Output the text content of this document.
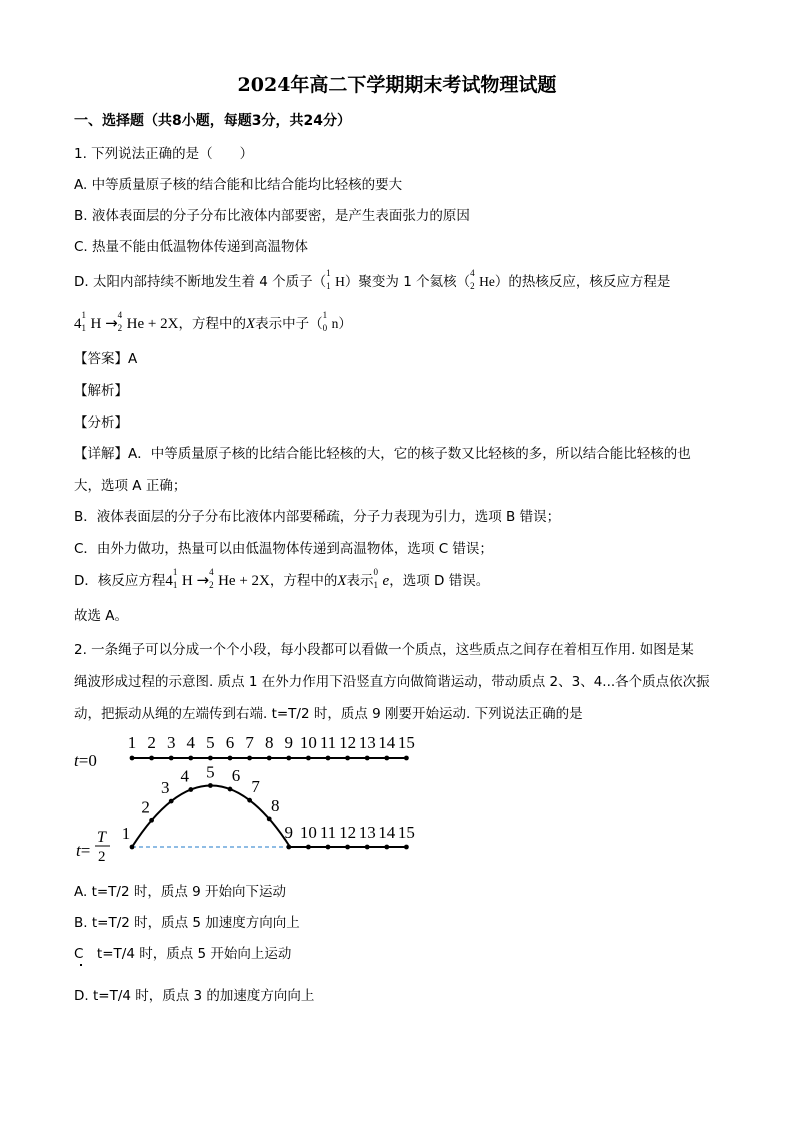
2024年高二下学期期末考试物理试题
一、选择题（共8小题，每题3分，共24分）
1. 下列说法正确的是（　　）
A. 中等质量原子核的结合能和比结合能均比轻核的要大
B. 液体表面层的分子分布比液体内部要密，是产生表面张力的原因
C. 热量不能由低温物体传递到高温物体
D. 太阳内部持续不断地发生着 4 个质子（
1
1 H）聚变为 1 个氦核（
4
2 He）的热核反应，核反应方程是
4
1
1 H → 4
2 He + 2X，方程中的X表示中子（
1
0 n）
【答案】A
【解析】
【分析】
【详解】A．中等质量原子核的比结合能比轻核的大，它的核子数又比轻核的多，所以结合能比轻核的也
大，选项 A 正确；
B．液体表面层的分子分布比液体内部要稀疏，分子力表现为引力，选项 B 错误；
C．由外力做功，热量可以由低温物体传递到高温物体，选项 C 错误；
D．核反应方程4
1
1 H → 4
2 He + 2X，方程中的X表示
0
1 e，选项 D 错误。
故选 A。
2. 一条绳子可以分成一个个小段，每小段都可以看做一个质点，这些质点之间存在着相互作用. 如图是某
绳波形成过程的示意图. 质点 1 在外力作用下沿竖直方向做简谐运动，带动质点 2、3、4...各个质点依次振
动，把振动从绳的左端传到右端. t=T/2 时，质点 9 刚要开始运动. 下列说法正确的是
t=0
1 2 3 4 5 6 7 8 9 10 11 12 13 14 15
t=
T
2
1
2
3
4 5 6
7
8
9 10 11 12 13 14 15
A. t=T/2 时，质点 9 开始向下运动
B. t=T/2 时，质点 5 加速度方向向上
C　t=T/4 时，质点 5 开始向上运动
D. t=T/4 时，质点 3 的加速度方向向上
